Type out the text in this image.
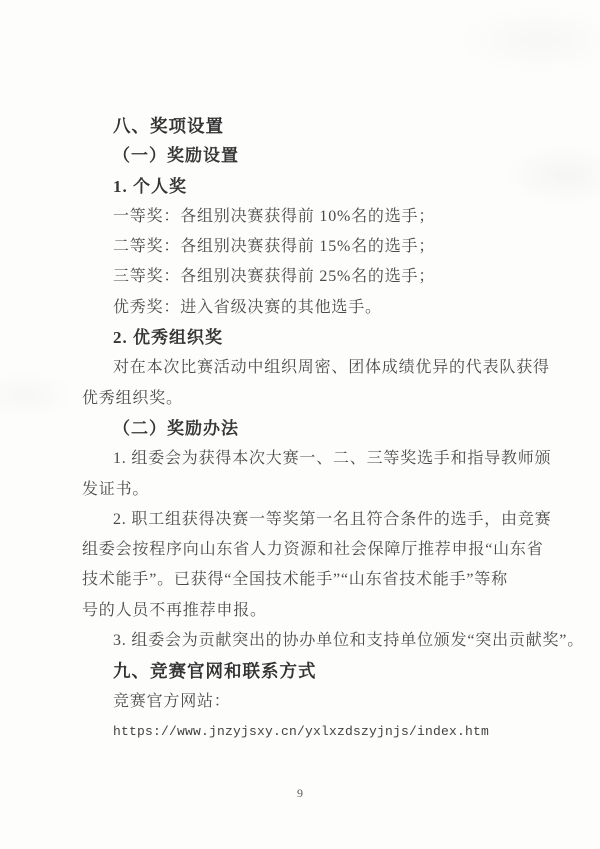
八、奖项设置
（一）奖励设置
1. 个人奖
一等奖：各组别决赛获得前 10%名的选手；
二等奖：各组别决赛获得前 15%名的选手；
三等奖：各组别决赛获得前 25%名的选手；
优秀奖：进入省级决赛的其他选手。
2. 优秀组织奖
对在本次比赛活动中组织周密、团体成绩优异的代表队获得
优秀组织奖。
（二）奖励办法
1. 组委会为获得本次大赛一、二、三等奖选手和指导教师颁
发证书。
2. 职工组获得决赛一等奖第一名且符合条件的选手，由竞赛
组委会按程序向山东省人力资源和社会保障厅推荐申报“山东省
技术能手”。已获得“全国技术能手”“山东省技术能手”等称
号的人员不再推荐申报。
3. 组委会为贡献突出的协办单位和支持单位颁发“突出贡献奖”。
九、竞赛官网和联系方式
竞赛官方网站：
https://www.jnzyjsxy.cn/yxlxzdszyjnjs/index.htm
9
